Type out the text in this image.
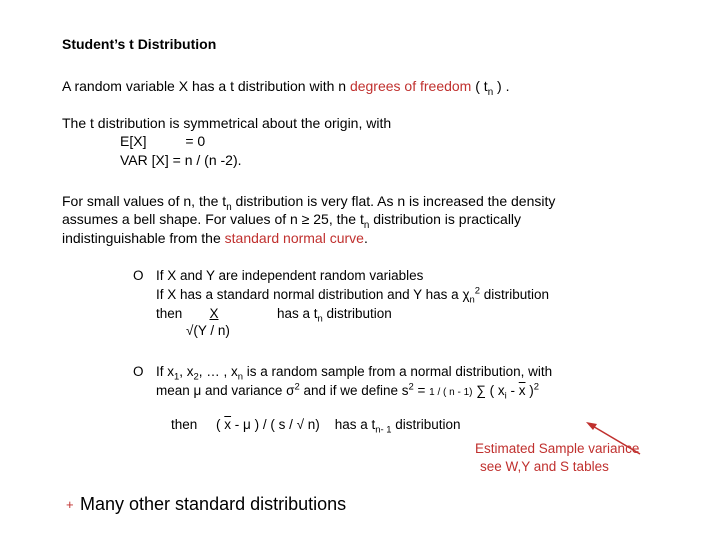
Student’s t Distribution
A random variable X has a t distribution with n degrees of freedom ( $t_n$ ) .
The t distribution is symmetrical about the origin, with
E[X]          = 0
VAR [X] = n / (n -2).
For small values of n, the $t_n$ distribution is very flat. As n is increased the density
assumes a bell shape. For values of n ≥ 25, the $t_n$ distribution is practically
indistinguishable from the standard normal curve.
O If X and Y are independent random variables
If X has a standard normal distribution and Y has a $\chi_n^2$ distribution
then	X	has a $t_n$ distribution
√(Y / n)
O If $x_1$, $x_2$, … , $x_n$ is a random sample from a normal distribution, with
mean μ and variance $\sigma^2$ and if we define $s^2 = 1$ / ( n - 1) ∑ ( $x_i - \overline{x}$ )$^2$

then     ( $\overline{x}$ - μ ) / ( s / √ n)    has a $t_{n- 1}$ distribution

Estimated Sample variance
see W,Y and S tables
+ Many other standard distributions
